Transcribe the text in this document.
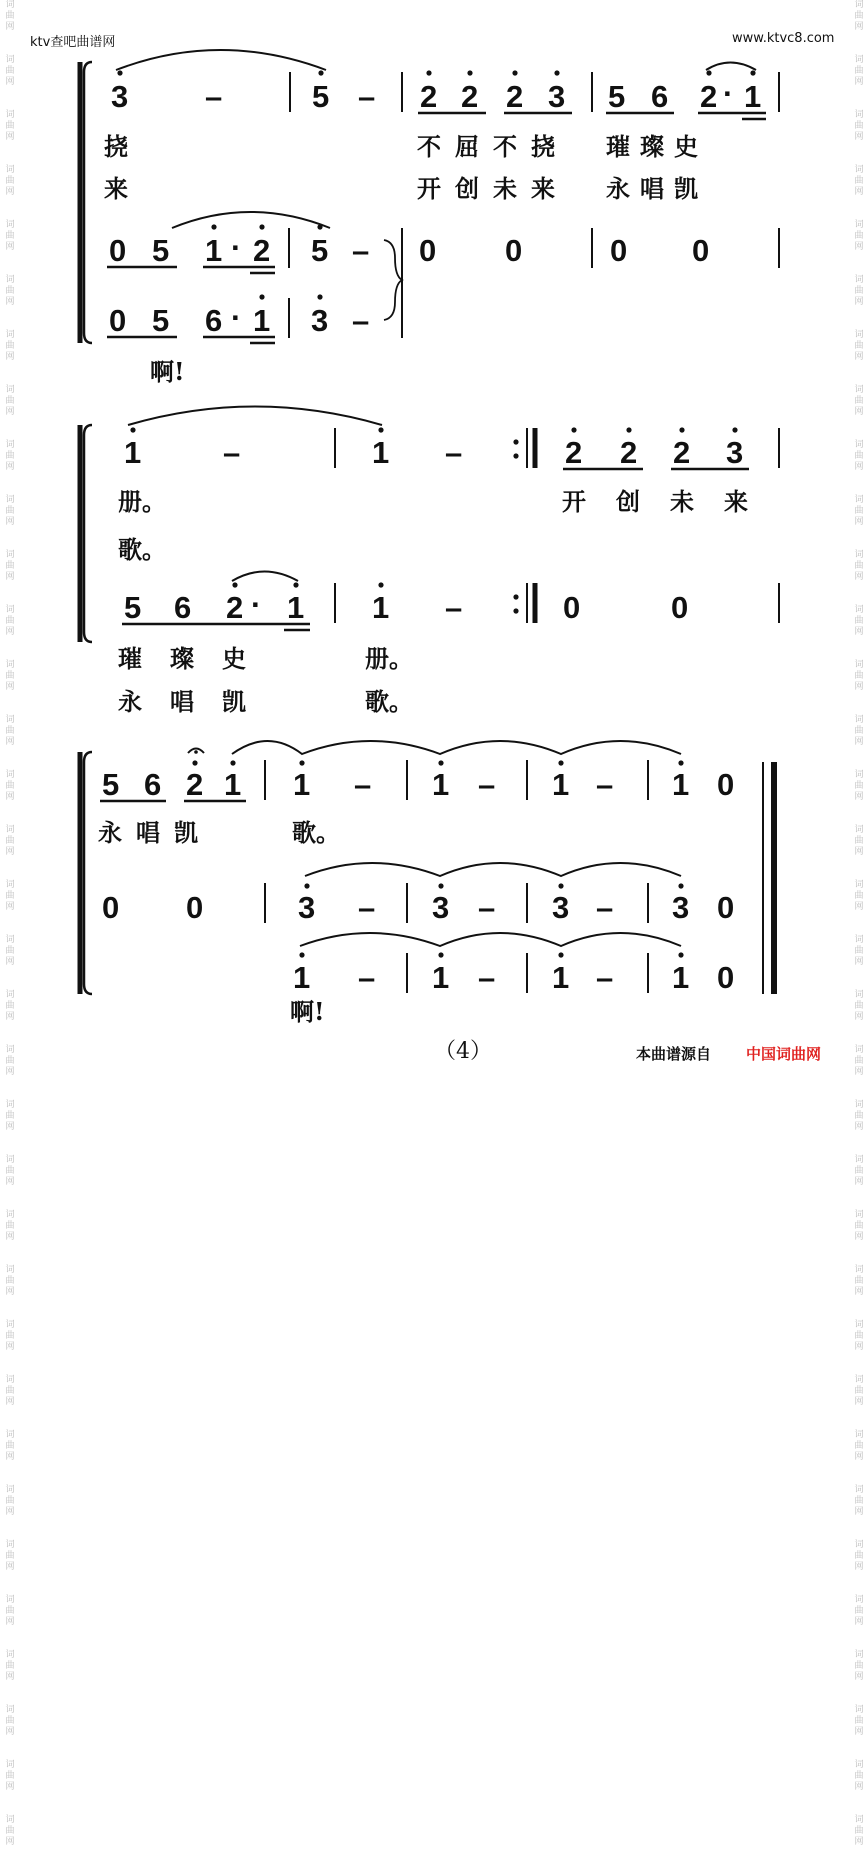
ktv查吧曲谱网	www.ktvc8.com
词
曲
网
词
曲
网
词
曲
网
词
曲
网
词
曲
网
词
曲
网
词
曲
网
词
曲
网
词
曲
网
词
曲
网
词
曲
网
词
曲
网
词
曲
网
词
曲
网
词
曲
网
词
曲
网
词
曲
网
词
曲
网
词
曲
网
词
曲
网
词
曲
网
词
曲
网
词
曲
网
词
曲
网
词
曲
网
词
曲
网
词
曲
网
词
曲
网
词
曲
网
词
曲
网
词
曲
网
词
曲
网
词
曲
网
词
曲
网
词
曲
网
词
曲
网
词
曲
网
词
曲
网
词
曲
网
词
曲
网
词
曲
网
词
曲
网
词
曲
网
词
曲
网
词
曲
网
词
曲
网
词
曲
网
词
曲
网
词
曲
网
词
曲
网
词
曲
网
词
曲
网
词
曲
网
词
曲
网
词
曲
网
词
曲
网
词
曲
网
词
曲
网
词
曲
网
词
曲
网
词
曲
网
词
曲
网
词
曲
网
词
曲
网
词
曲
网
词
曲
网
词
曲
网
词
曲
网
3 –	5 – 2 2 2 3 5 6 2 · 1
0 5 1 · 2 5 – 0 0	0 0
0 5 6 · 1 3 –
1	–	1 –	2 2 2 3
5 6 2 · 1 1 –	0	0
5 6 2 1 1 – 1 – 1 – 1 0
0 0	3 – 3 – 3 – 3 0
1 – 1 – 1 – 1 0
挠	不屈不挠 璀璨史
来	开创未来 永唱凯
啊!
册。	开创未来
歌。
璀璨史	册。
永唱凯	歌。
永唱凯	歌。
啊!
（4）	本曲谱源自 中国词曲网
